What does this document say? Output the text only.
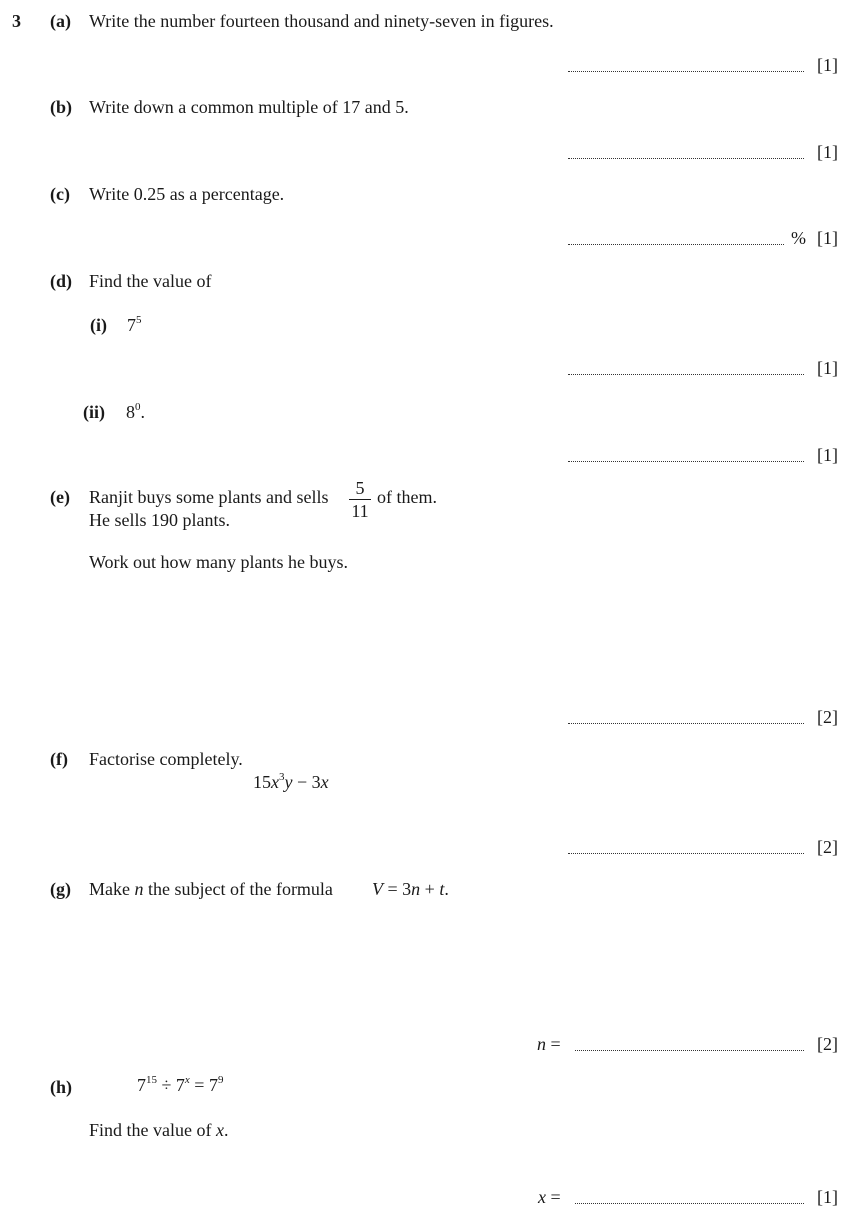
3 (a) Write the number fourteen thousand and ninety-seven in figures.
[1]
(b) Write down a common multiple of 17 and 5.
[1]
(c) Write 0.25 as a percentage.
% [1]
(d) Find the value of
(i) $7^5$
[1]
(ii) $8^0$.
[1]
(e) Ranjit buys some plants and sells	5
11
of them.
He sells 190 plants.
Work out how many plants he buys.
[2]
(f) Factorise completely.
$15x^3y - 3x$
[2]
(g) Make n the subject of the formula V = 3n + t.
n =	[2]
(h)	$7^{15} \div 7^x = 7^9$
Find the value of x.
x =	[1]
